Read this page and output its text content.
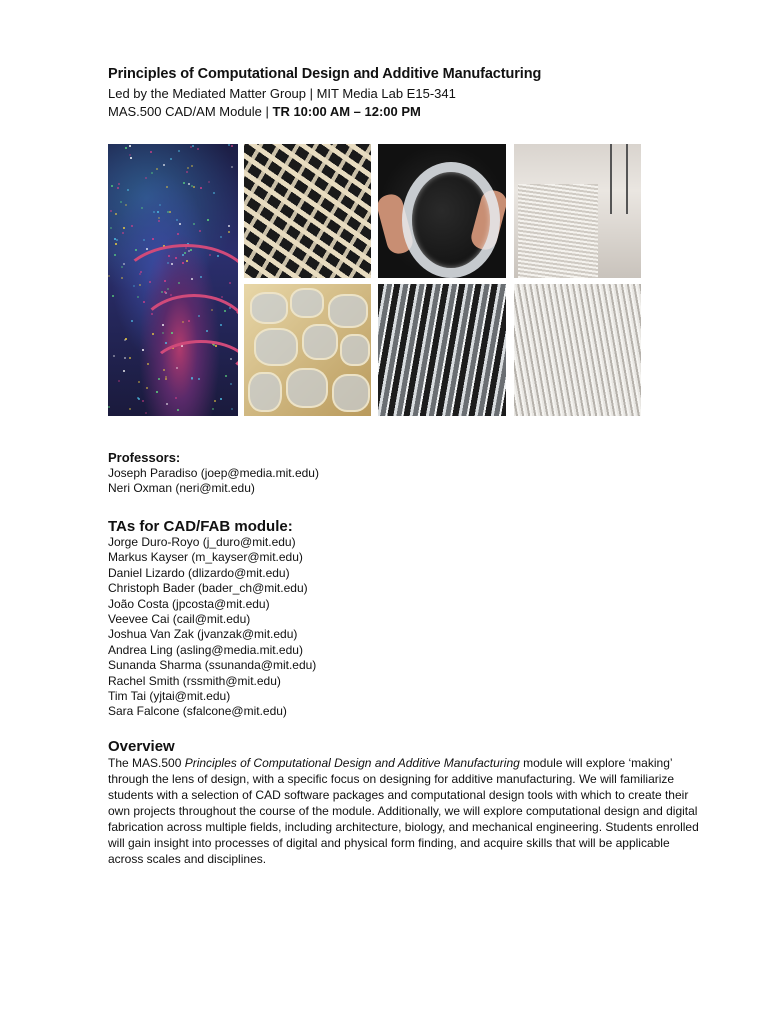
Principles of Computational Design and Additive Manufacturing
Led by the Mediated Matter Group | MIT Media Lab E15-341
MAS.500 CAD/AM Module | TR 10:00 AM – 12:00 PM
Professors:
Joseph Paradiso (joep@media.mit.edu)
Neri Oxman (neri@mit.edu)
TAs for CAD/FAB module:
Jorge Duro-Royo (j_duro@mit.edu)
Markus Kayser (m_kayser@mit.edu)
Daniel Lizardo (dlizardo@mit.edu)
Christoph Bader (bader_ch@mit.edu)
João Costa (jpcosta@mit.edu)
Veevee Cai (cail@mit.edu)
Joshua Van Zak (jvanzak@mit.edu)
Andrea Ling (asling@media.mit.edu)
Sunanda Sharma (ssunanda@mit.edu)
Rachel Smith (rssmith@mit.edu)
Tim Tai (yjtai@mit.edu)
Sara Falcone (sfalcone@mit.edu)
Overview

The MAS.500 Principles of Computational Design and Additive Manufacturing module will explore ‘making’ through the lens of design, with a specific focus on designing for additive manufacturing. We will familiarize students with a selection of CAD software packages and computational design tools with which to create their own projects throughout the course of the module. Additionally, we will explore computational design and digital fabrication across multiple fields, including architecture, biology, and mechanical engineering. Students enrolled will gain insight into processes of digital and physical form finding, and acquire skills that will be applicable across scales and disciplines.
